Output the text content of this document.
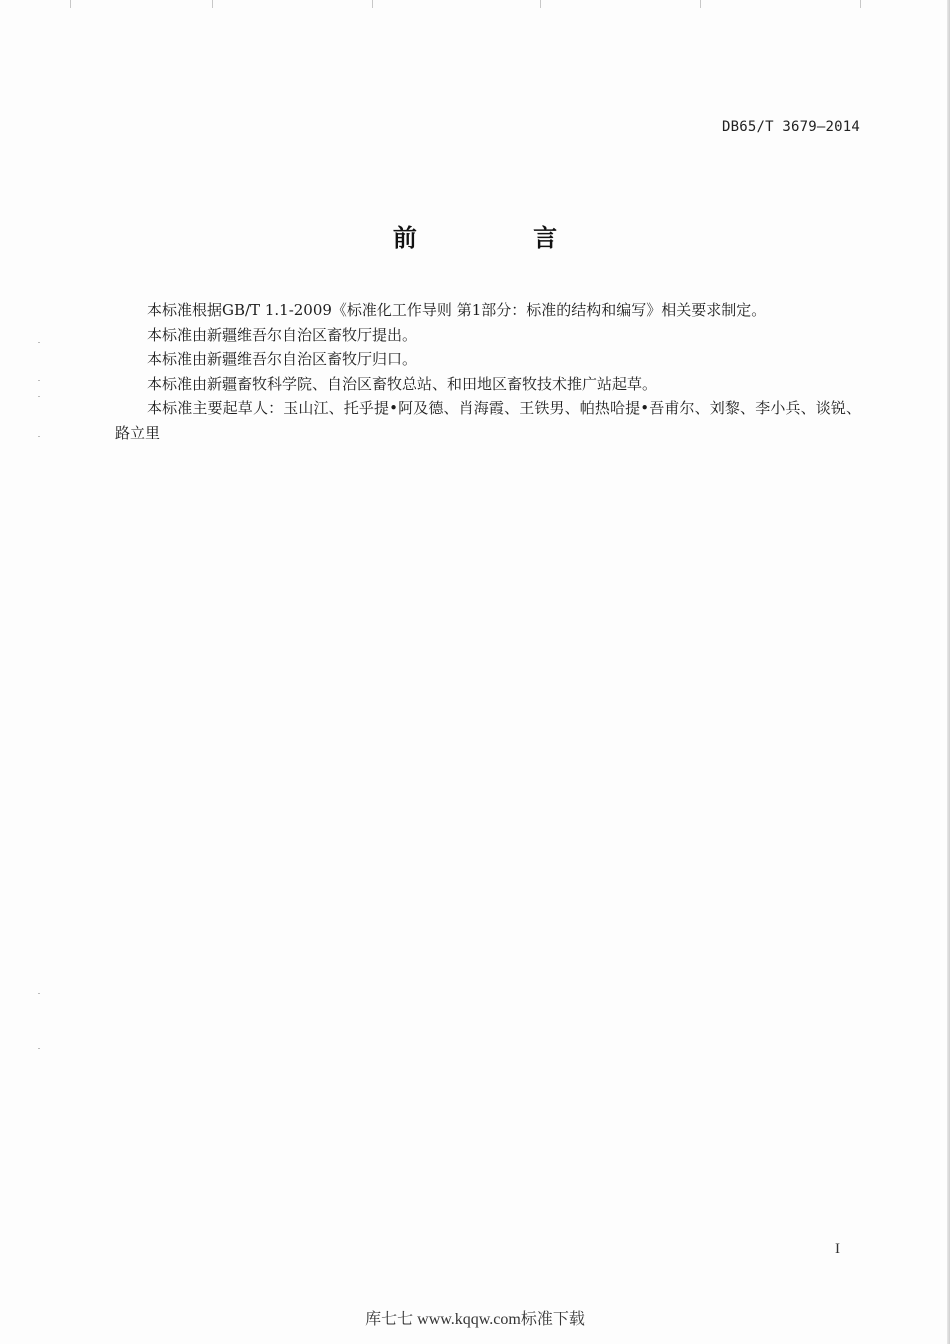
DB65/T 3679—2014
前 言

本标准根据GB/T 1.1-2009《标准化工作导则 第1部分：标准的结构和编写》相关要求制定。

本标准由新疆维吾尔自治区畜牧厅提出。

本标准由新疆维吾尔自治区畜牧厅归口。

本标准由新疆畜牧科学院、自治区畜牧总站、和田地区畜牧技术推广站起草。

本标准主要起草人：玉山江、托乎提•阿及德、肖海霞、王铁男、帕热哈提•吾甫尔、刘黎、李小兵、谈锐、路立里

I
库七七 www.kqqw.com标准下载
